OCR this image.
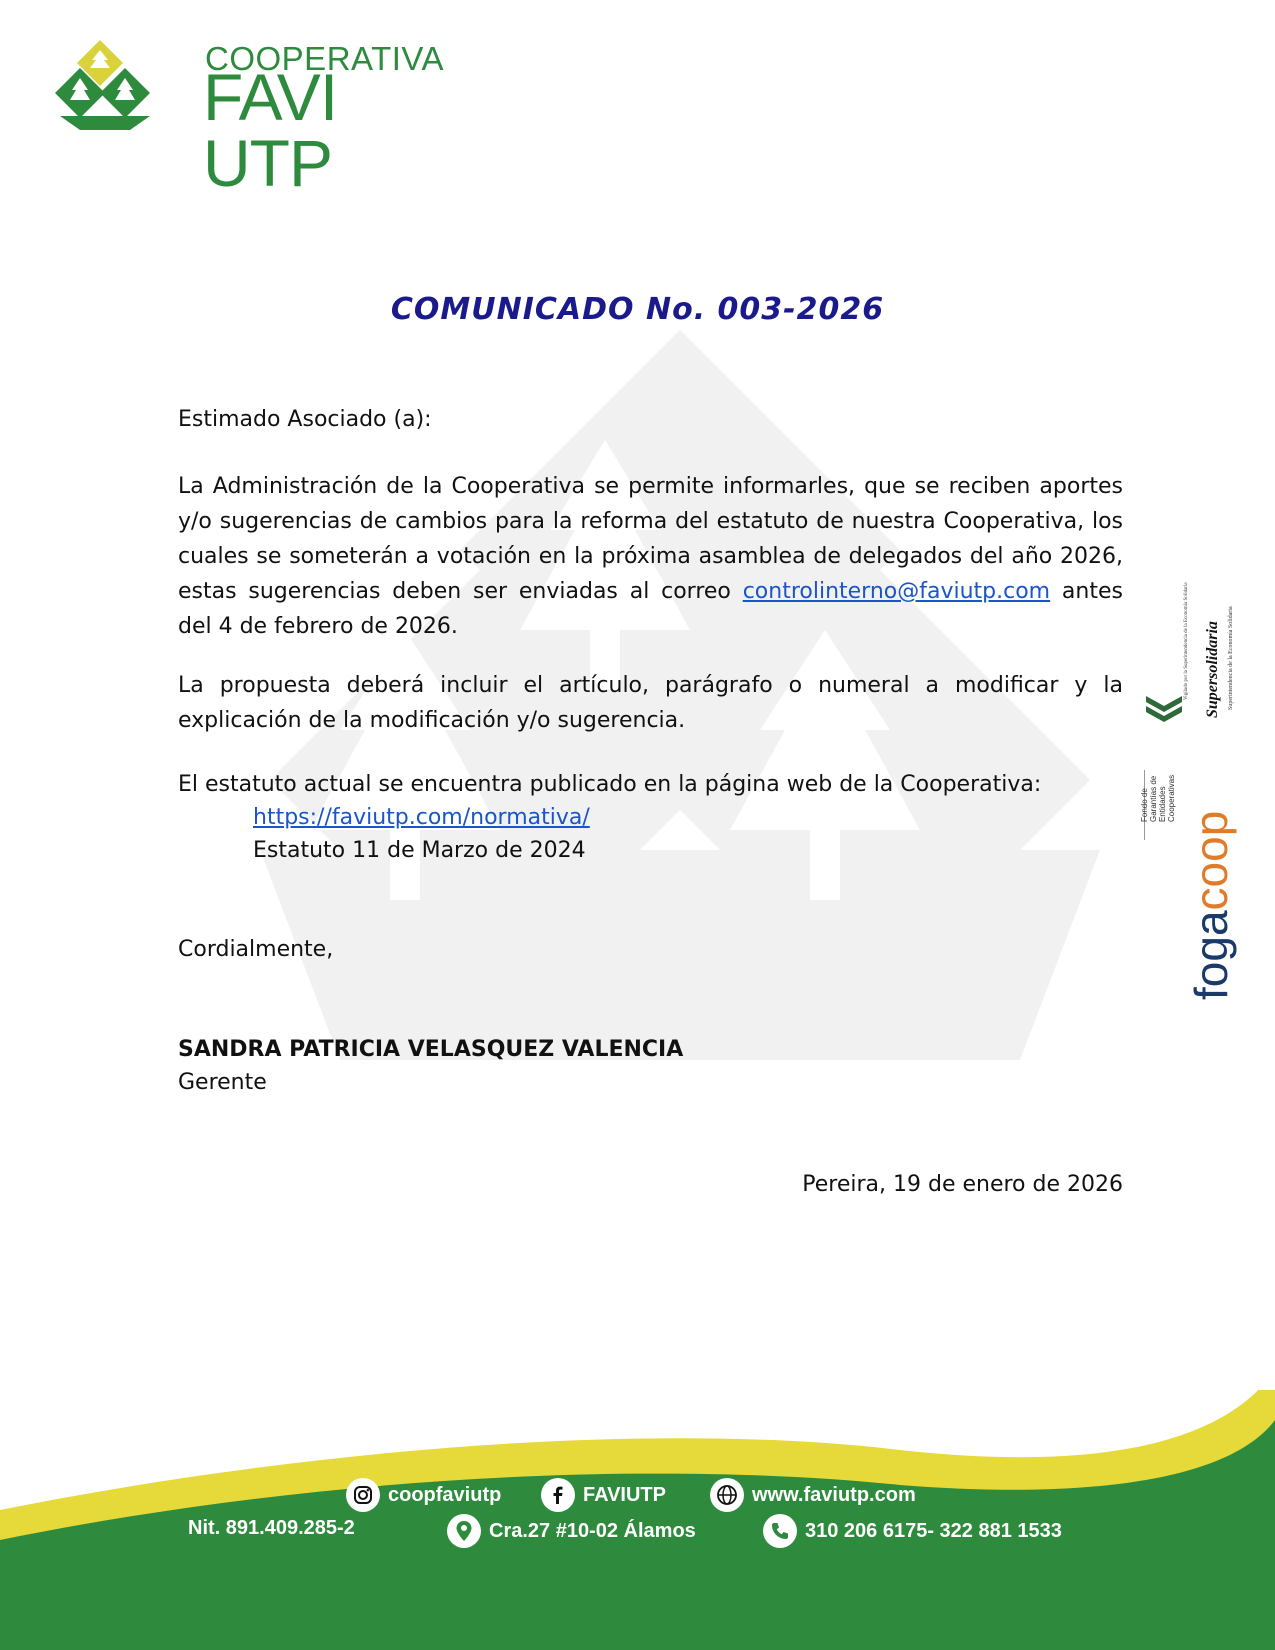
COOPERATIVA
FAVI UTP
COMUNICADO No. 003-2026
Estimado Asociado (a):
La Administración de la Cooperativa se permite informarles, que se reciben aportes y/o sugerencias de cambios para la reforma del estatuto de nuestra Cooperativa, los cuales se someterán a votación en la próxima asamblea de delegados del año 2026, estas sugerencias deben ser enviadas al correo controlinterno@faviutp.com antes del 4 de febrero de 2026.
La propuesta deberá incluir el artículo, parágrafo o numeral a modificar y la explicación de la modificación y/o sugerencia.
El estatuto actual se encuentra publicado en la página web de la Cooperativa:
https://faviutp.com/normativa/
Estatuto 11 de Marzo de 2024
Cordialmente,
SANDRA PATRICIA VELASQUEZ VALENCIA
Gerente
Pereira, 19 de enero de 2026
Supersolidaria Superintendencia de la Economía Solidaria
Vigilado por la Superintendencia de la Economía Solidaria
fogacoop
Fondo de Garantías de Entidades Cooperativas
coopfaviutp	FAVIUTP	www.faviutp.com
Nit. 891.409.285-2	Cra.27 #10-02 Álamos	310 206 6175- 322 881 1533
